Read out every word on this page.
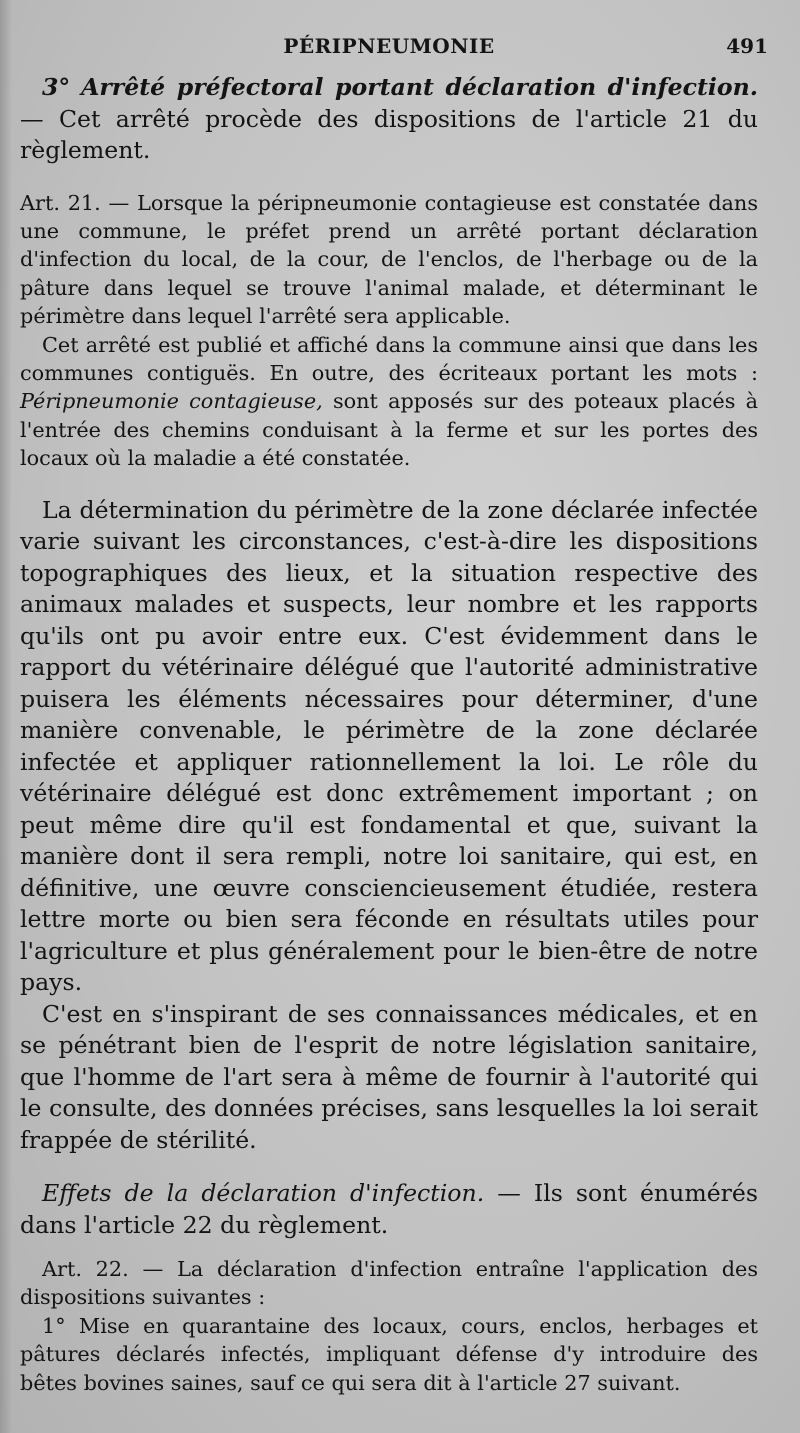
PÉRIPNEUMONIE	491

3° Arrêté préfectoral portant déclaration d'infection. — Cet arrêté procède des dispositions de l'article 21 du règlement.

Art. 21. — Lorsque la péripneumonie contagieuse est constatée dans une commune, le préfet prend un arrêté portant déclaration d'infection du local, de la cour, de l'enclos, de l'herbage ou de la pâture dans lequel se trouve l'animal malade, et déterminant le périmètre dans lequel l'arrêté sera applicable.

Cet arrêté est publié et affiché dans la commune ainsi que dans les communes contiguës. En outre, des écriteaux portant les mots : Péripneumonie contagieuse, sont apposés sur des poteaux placés à l'entrée des chemins conduisant à la ferme et sur les portes des locaux où la maladie a été constatée.

La détermination du périmètre de la zone déclarée infectée varie suivant les circonstances, c'est-à-dire les dispositions topographiques des lieux, et la situation respective des animaux malades et suspects, leur nombre et les rapports qu'ils ont pu avoir entre eux. C'est évidemment dans le rapport du vétérinaire délégué que l'autorité administrative puisera les éléments nécessaires pour déterminer, d'une manière convenable, le périmètre de la zone déclarée infectée et appliquer rationnellement la loi. Le rôle du vétérinaire délégué est donc extrêmement important ; on peut même dire qu'il est fondamental et que, suivant la manière dont il sera rempli, notre loi sanitaire, qui est, en définitive, une œuvre consciencieusement étudiée, restera lettre morte ou bien sera féconde en résultats utiles pour l'agriculture et plus généralement pour le bien-être de notre pays.

C'est en s'inspirant de ses connaissances médicales, et en se pénétrant bien de l'esprit de notre législation sanitaire, que l'homme de l'art sera à même de fournir à l'autorité qui le consulte, des données précises, sans lesquelles la loi serait frappée de stérilité.

Effets de la déclaration d'infection. — Ils sont énumérés dans l'article 22 du règlement.

Art. 22. — La déclaration d'infection entraîne l'application des dispositions suivantes :

1° Mise en quarantaine des locaux, cours, enclos, herbages et pâtures déclarés infectés, impliquant défense d'y introduire des bêtes bovines saines, sauf ce qui sera dit à l'article 27 suivant.
